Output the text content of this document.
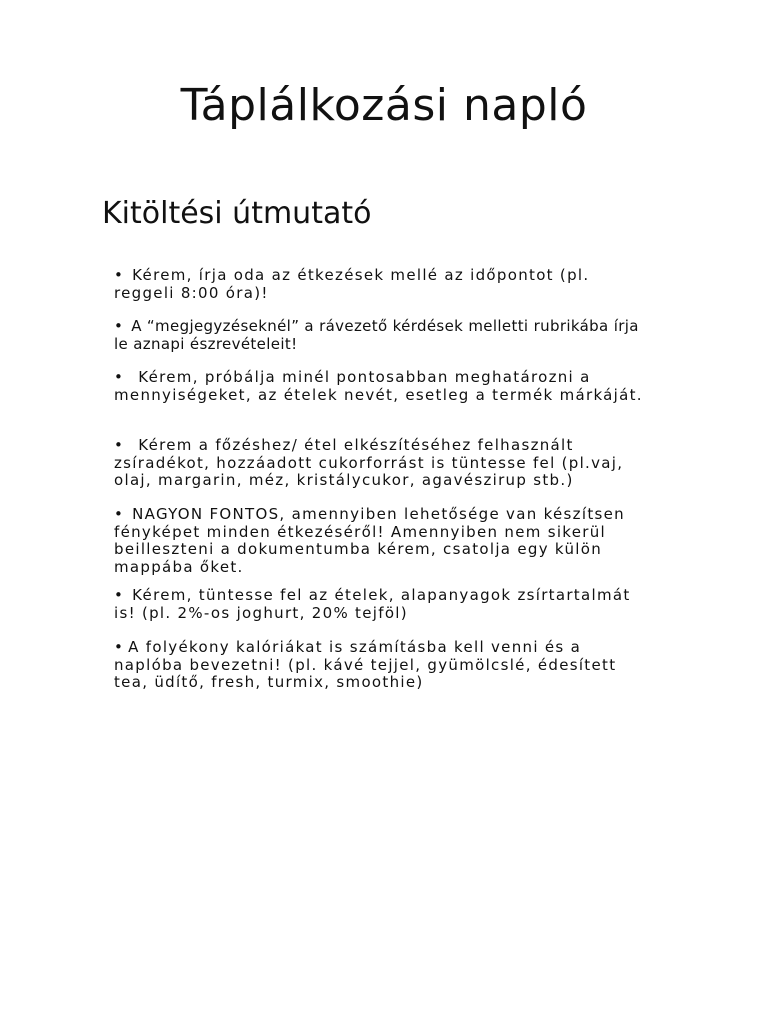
Táplálkozási napló
Kitöltési útmutató

• Kérem, írja oda az étkezések mellé az időpontot (pl. reggeli 8:00 óra)!

• A “megjegyzéseknél” a rávezető kérdések melletti rubrikába írja le aznapi észrevételeit!

• Kérem, próbálja minél pontosabban meghatározni a mennyiségeket, az ételek nevét, esetleg a termék márkáját.

• Kérem a főzéshez/ étel elkészítéséhez felhasznált zsíradékot, hozzáadott cukorforrást is tüntesse fel (pl.vaj, olaj, margarin, méz, kristálycukor, agavészirup stb.)

• NAGYON FONTOS, amennyiben lehetősége van készítsen fényképet minden étkezéséről! Amennyiben nem sikerül beilleszteni a dokumentumba kérem, csatolja egy külön mappába őket.

• Kérem, tüntesse fel az ételek, alapanyagok zsírtartalmát is! (pl. 2%-os joghurt, 20% tejföl)

• A folyékony kalóriákat is számításba kell venni és a naplóba bevezetni! (pl. kávé tejjel, gyümölcslé, édesített tea, üdítő, fresh, turmix, smoothie)
